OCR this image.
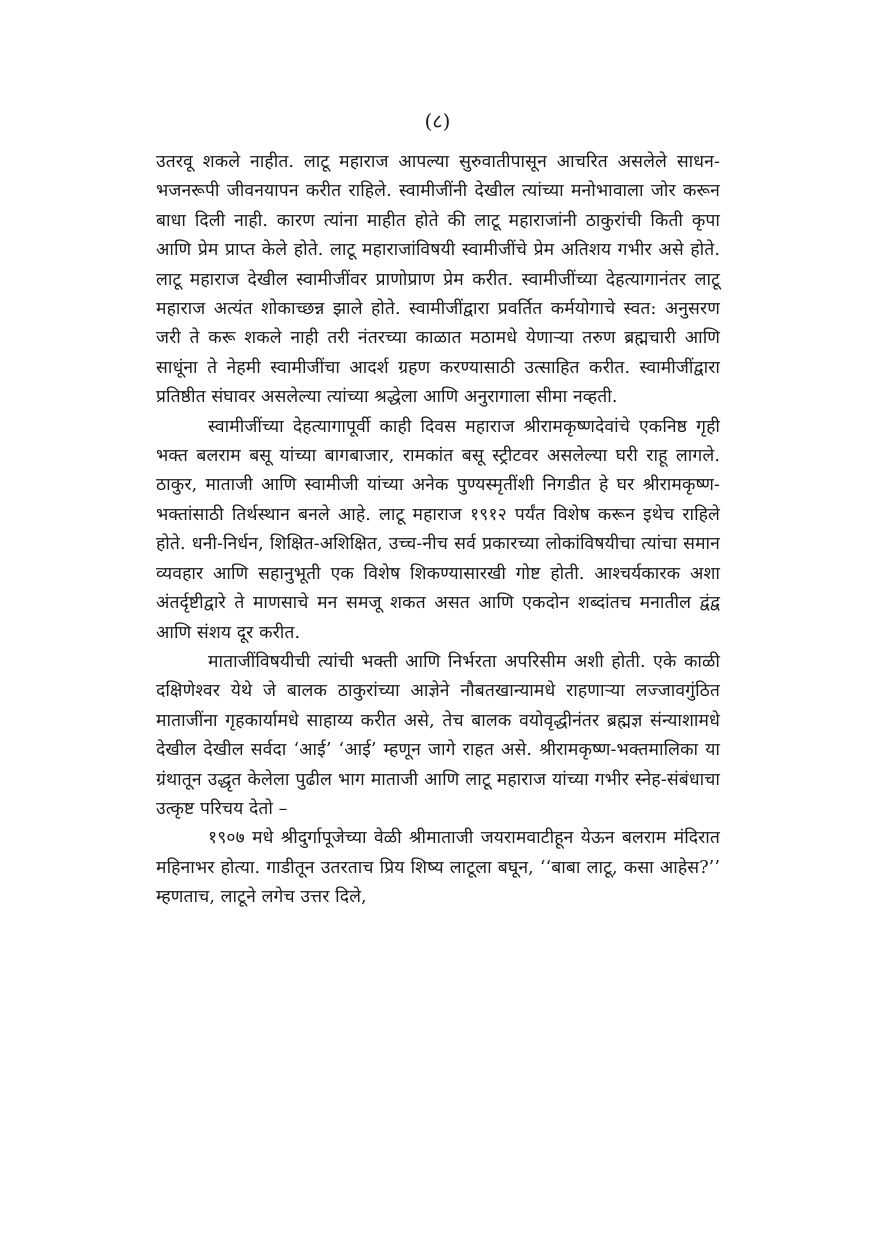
(८)

उतरवू शकले नाहीत. लाटू महाराज आपल्या सुरुवातीपासून आचरित असलेले साधन-भजनरूपी जीवनयापन करीत राहिले. स्वामीजींनी देखील त्यांच्या मनोभावाला जोर करून बाधा दिली नाही. कारण त्यांना माहीत होते की लाटू महाराजांनी ठाकुरांची किती कृपा आणि प्रेम प्राप्त केले होते. लाटू महाराजांविषयी स्वामीजींचे प्रेम अतिशय गभीर असे होते. लाटू महाराज देखील स्वामीजींवर प्राणोप्राण प्रेम करीत. स्वामीजींच्या देहत्यागानंतर लाटू महाराज अत्यंत शोकाच्छन्न झाले होते. स्वामीजींद्वारा प्रवर्तित कर्मयोगाचे स्वत: अनुसरण जरी ते करू शकले नाही तरी नंतरच्या काळात मठामधे येणाऱ्या तरुण ब्रह्मचारी आणि साधूंना ते नेहमी स्वामीजींचा आदर्श ग्रहण करण्यासाठी उत्साहित करीत. स्वामीजींद्वारा प्रतिष्ठीत संघावर असलेल्या त्यांच्या श्रद्धेला आणि अनुरागाला सीमा नव्हती.

स्वामीजींच्या देहत्यागापूर्वी काही दिवस महाराज श्रीरामकृष्णदेवांचे एकनिष्ठ गृही भक्त बलराम बसू यांच्या बागबाजार, रामकांत बसू स्ट्रीटवर असलेल्या घरी राहू लागले. ठाकुर, माताजी आणि स्वामीजी यांच्या अनेक पुण्यस्मृतींशी निगडीत हे घर श्रीरामकृष्ण-भक्तांसाठी तिर्थस्थान बनले आहे. लाटू महाराज १९१२ पर्यंत विशेष करून इथेच राहिले होते. धनी-निर्धन, शिक्षित-अशिक्षित, उच्च-नीच सर्व प्रकारच्या लोकांविषयीचा त्यांचा समान व्यवहार आणि सहानुभूती एक विशेष शिकण्यासारखी गोष्ट होती. आश्चर्यकारक अशा अंतर्दृष्टीद्वारे ते माणसाचे मन समजू शकत असत आणि एकदोन शब्दांतच मनातील द्वंद्व आणि संशय दूर करीत.

माताजींविषयीची त्यांची भक्ती आणि निर्भरता अपरिसीम अशी होती. एके काळी दक्षिणेश्वर येथे जे बालक ठाकुरांच्या आज्ञेने नौबतखान्यामधे राहणाऱ्या लज्जावगुंठित माताजींना गृहकार्यामधे साहाय्य करीत असे, तेच बालक वयोवृद्धीनंतर ब्रह्मज्ञ संन्याशामधे देखील देखील सर्वदा ‘आई’ ‘आई’ म्हणून जागे राहत असे. श्रीरामकृष्ण-भक्तमालिका या ग्रंथातून उद्धृत केलेला पुढील भाग माताजी आणि लाटू महाराज यांच्या गभीर स्नेह-संबंधाचा उत्कृष्ट परिचय देतो –

१९०७ मधे श्रीदुर्गापूजेच्या वेळी श्रीमाताजी जयरामवाटीहून येऊन बलराम मंदिरात महिनाभर होत्या. गाडीतून उतरताच प्रिय शिष्य लाटूला बघून, ‘‘बाबा लाटू, कसा आहेस?’’ म्हणताच, लाटूने लगेच उत्तर दिले,
